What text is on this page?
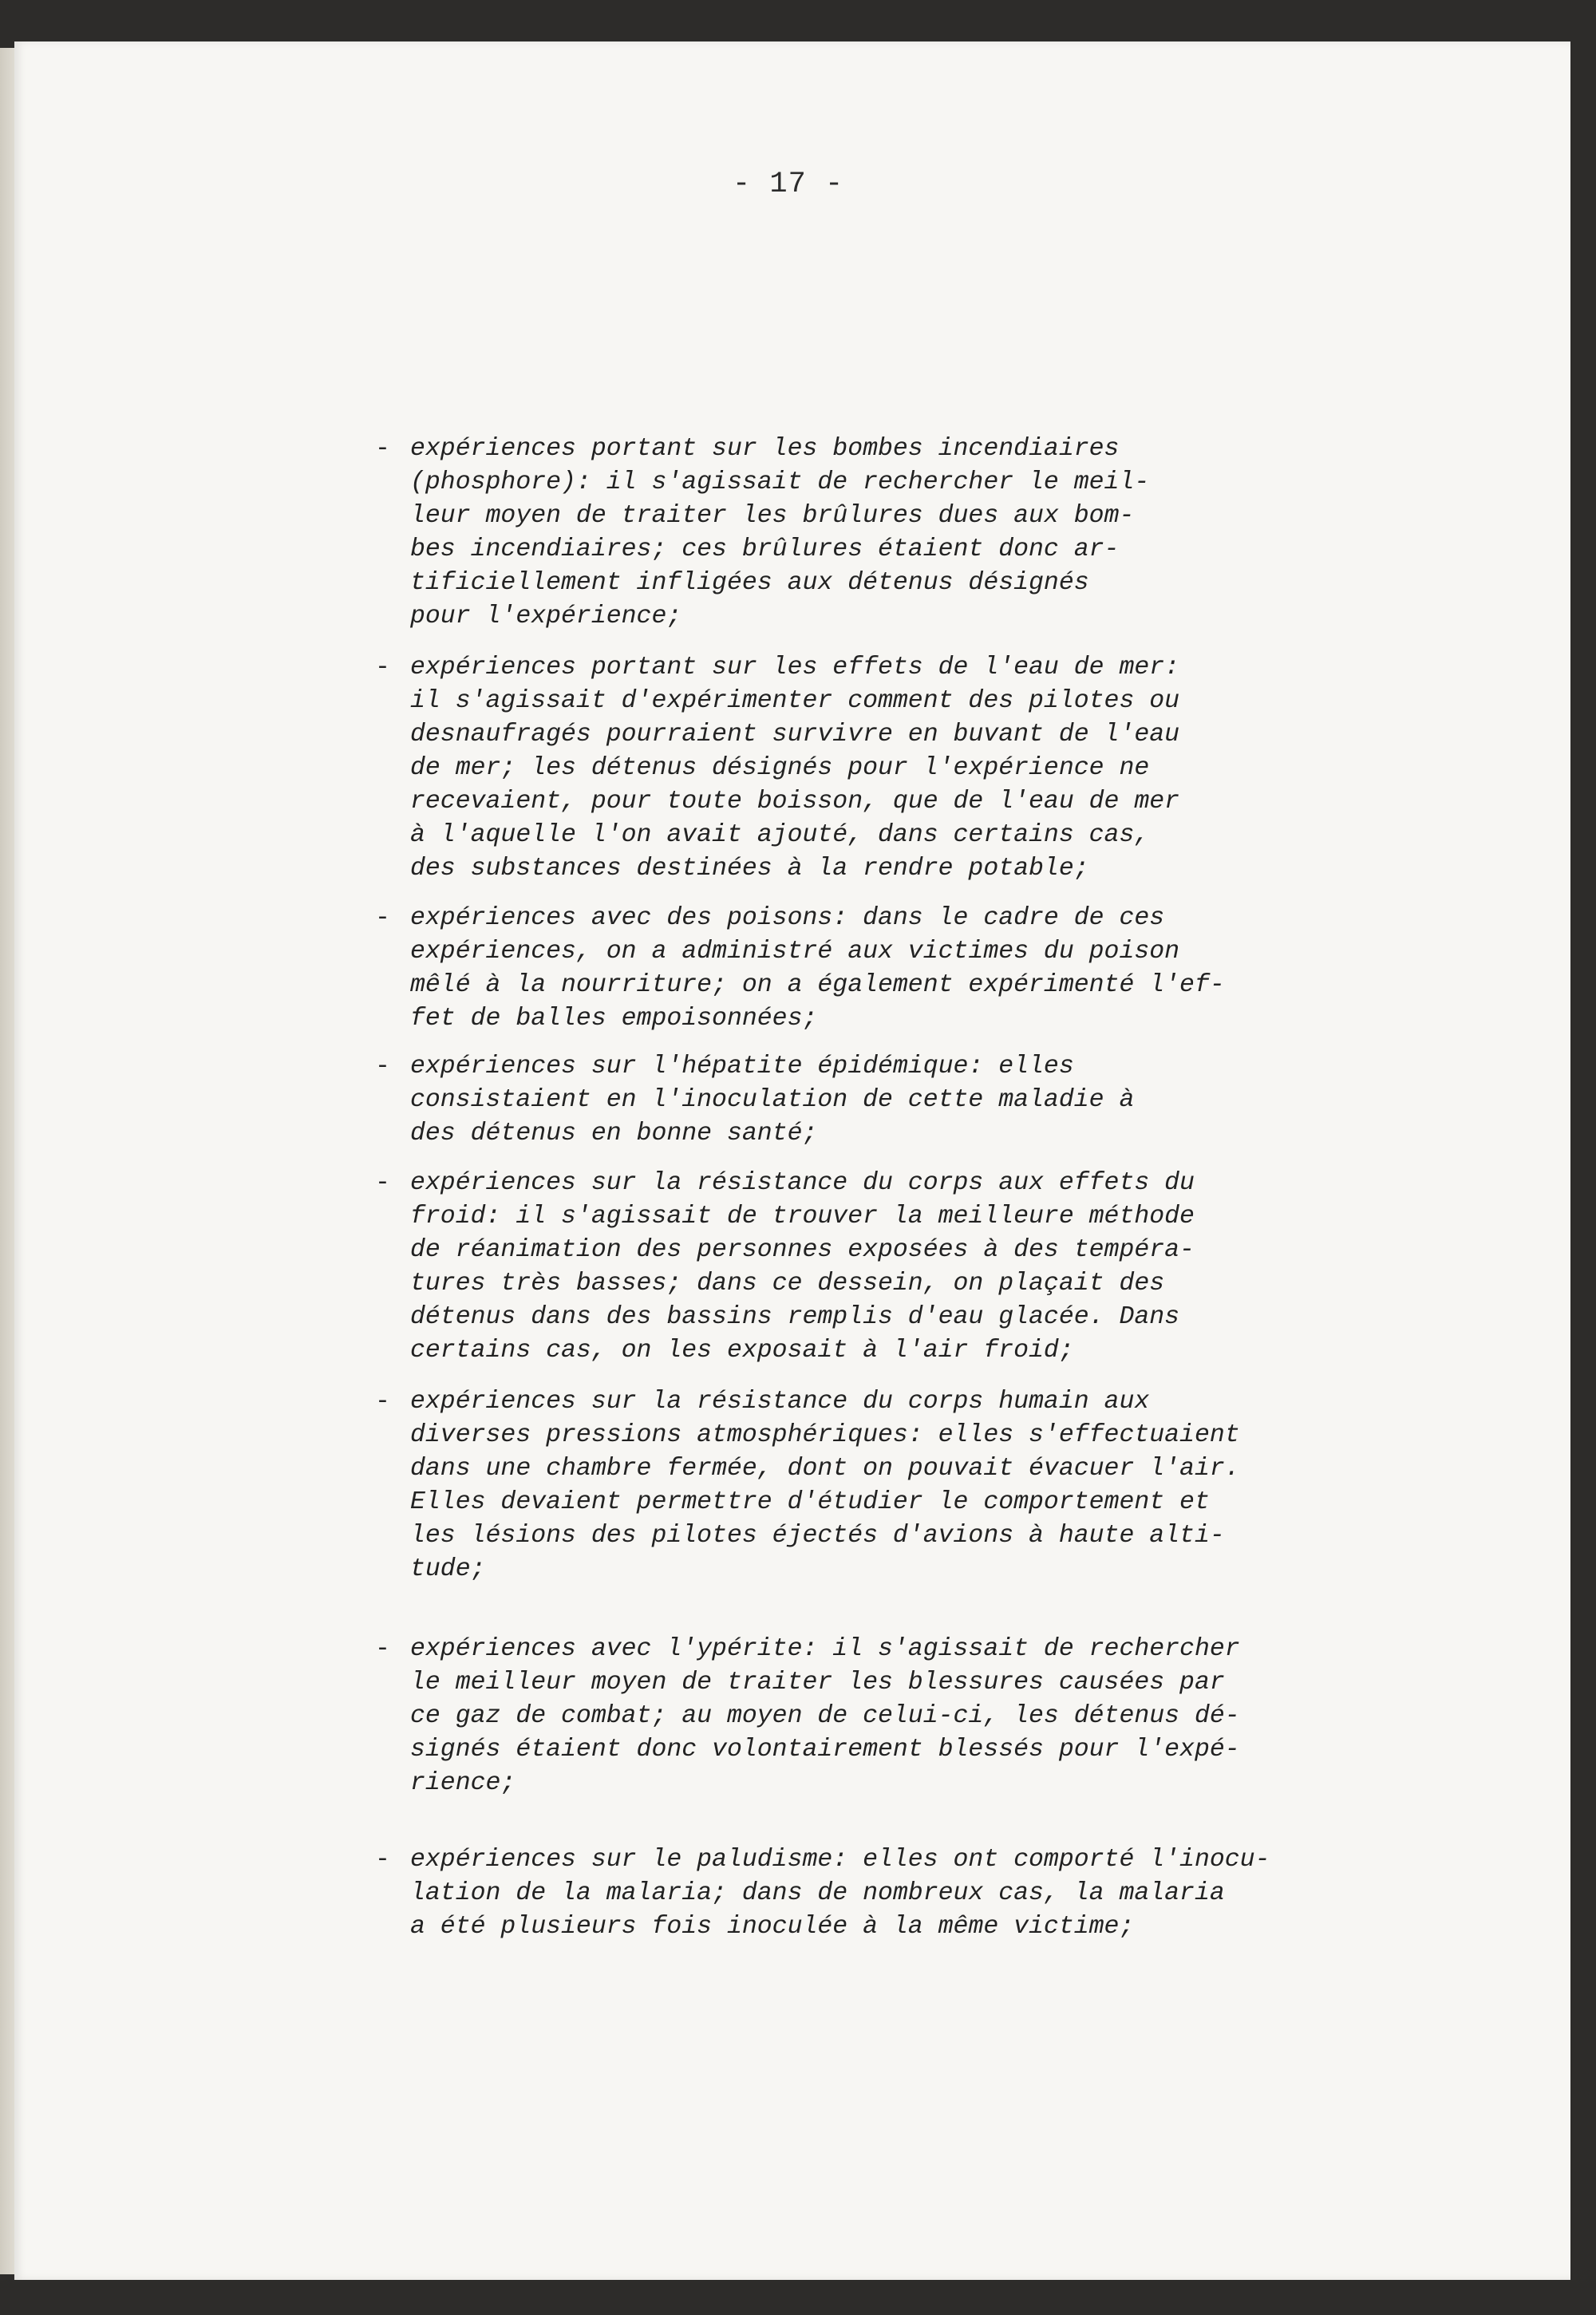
- 17 -

- expériences portant sur les bombes incendiaires
(phosphore): il s'agissait de rechercher le meil-
leur moyen de traiter les brûlures dues aux bom-
bes incendiaires; ces brûlures étaient donc ar-
tificiellement infligées aux détenus désignés
pour l'expérience;
- expériences portant sur les effets de l'eau de mer:
il s'agissait d'expérimenter comment des pilotes ou
desnaufragés pourraient survivre en buvant de l'eau
de mer; les détenus désignés pour l'expérience ne
recevaient, pour toute boisson, que de l'eau de mer
à l'aquelle l'on avait ajouté, dans certains cas,
des substances destinées à la rendre potable;
- expériences avec des poisons: dans le cadre de ces
expériences, on a administré aux victimes du poison
mêlé à la nourriture; on a également expérimenté l'ef-
fet de balles empoisonnées;
- expériences sur l'hépatite épidémique: elles
consistaient en l'inoculation de cette maladie à
des détenus en bonne santé;
- expériences sur la résistance du corps aux effets du
froid: il s'agissait de trouver la meilleure méthode
de réanimation des personnes exposées à des tempéra-
tures très basses; dans ce dessein, on plaçait des
détenus dans des bassins remplis d'eau glacée. Dans
certains cas, on les exposait à l'air froid;
- expériences sur la résistance du corps humain aux
diverses pressions atmosphériques: elles s'effectuaient
dans une chambre fermée, dont on pouvait évacuer l'air.
Elles devaient permettre d'étudier le comportement et
les lésions des pilotes éjectés d'avions à haute alti-
tude;
- expériences avec l'ypérite: il s'agissait de rechercher
le meilleur moyen de traiter les blessures causées par
ce gaz de combat; au moyen de celui-ci, les détenus dé-
signés étaient donc volontairement blessés pour l'expé-
rience;
- expériences sur le paludisme: elles ont comporté l'inocu-
lation de la malaria; dans de nombreux cas, la malaria
a été plusieurs fois inoculée à la même victime;
